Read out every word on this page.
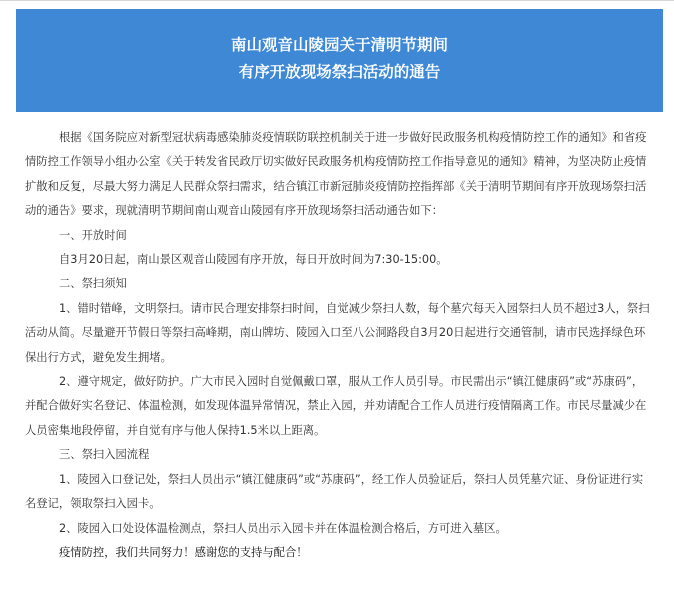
南山观音山陵园关于清明节期间
有序开放现场祭扫活动的通告

根据《国务院应对新型冠状病毒感染肺炎疫情联防联控机制关于进一步做好民政服务机构疫情防控工作的通知》和省疫情防控工作领导小组办公室《关于转发省民政厅切实做好民政服务机构疫情防控工作指导意见的通知》精神，为坚决防止疫情扩散和反复，尽最大努力满足人民群众祭扫需求，结合镇江市新冠肺炎疫情防控指挥部《关于清明节期间有序开放现场祭扫活动的通告》要求，现就清明节期间南山观音山陵园有序开放现场祭扫活动通告如下：

一、开放时间

自3月20日起，南山景区观音山陵园有序开放，每日开放时间为7:30-15:00。

二、祭扫须知

1、错时错峰，文明祭扫。请市民合理安排祭扫时间，自觉减少祭扫人数，每个墓穴每天入园祭扫人员不超过3人，祭扫活动从简。尽量避开节假日等祭扫高峰期，南山牌坊、陵园入口至八公洞路段自3月20日起进行交通管制，请市民选择绿色环保出行方式，避免发生拥堵。

2、遵守规定，做好防护。广大市民入园时自觉佩戴口罩，服从工作人员引导。市民需出示“镇江健康码”或“苏康码”，并配合做好实名登记、体温检测，如发现体温异常情况，禁止入园，并劝请配合工作人员进行疫情隔离工作。市民尽量减少在人员密集地段停留，并自觉有序与他人保持1.5米以上距离。

三、祭扫入园流程

1、陵园入口登记处，祭扫人员出示“镇江健康码”或“苏康码”，经工作人员验证后，祭扫人员凭墓穴证、身份证进行实名登记，领取祭扫入园卡。

2、陵园入口处设体温检测点，祭扫人员出示入园卡并在体温检测合格后，方可进入墓区。

疫情防控，我们共同努力！感谢您的支持与配合！
